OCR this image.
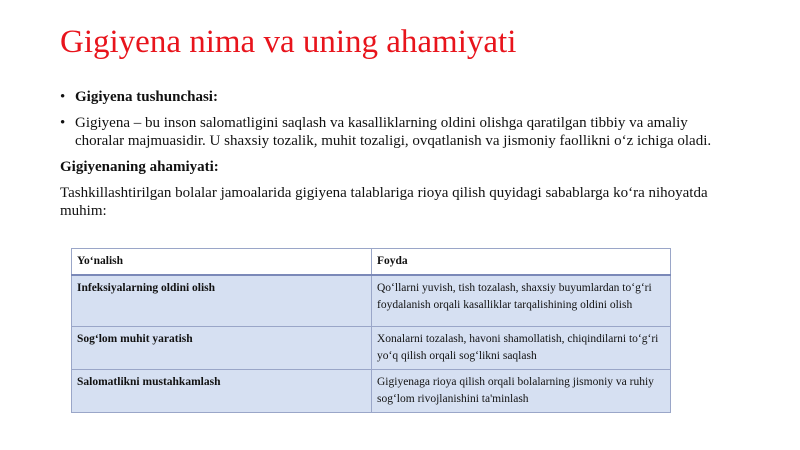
Gigiyena nima va uning ahamiyati
• Gigiyena tushunchasi:
• Gigiyena – bu inson salomatligini saqlash va kasalliklarning oldini olishga qaratilgan tibbiy va amaliy choralar majmuasidir. U shaxsiy tozalik, muhit tozaligi, ovqatlanish va jismoniy faollikni o‘z ichiga oladi.
Gigiyenaning ahamiyati:
Tashkillashtirilgan bolalar jamoalarida gigiyena talablariga rioya qilish quyidagi sabablarga ko‘ra nihoyatda muhim:
Yo‘nalish	Foyda
Infeksiyalarning oldini olish	Qo‘llarni yuvish, tish tozalash, shaxsiy buyumlardan to‘g‘ri foydalanish orqali kasalliklar tarqalishining oldini olish
Sog‘lom muhit yaratish	Xonalarni tozalash, havoni shamollatish, chiqindilarni to‘g‘ri yo‘q qilish orqali sog‘likni saqlash
Salomatlikni mustahkamlash	Gigiyenaga rioya qilish orqali bolalarning jismoniy va ruhiy sog‘lom rivojlanishini ta'minlash
